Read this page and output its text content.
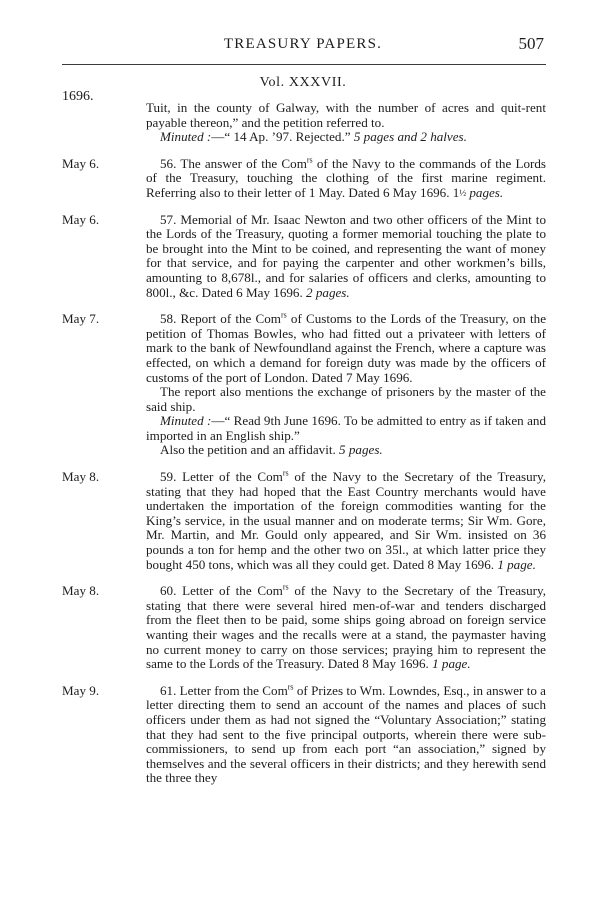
TREASURY PAPERS.	507
Vol. XXXVII.
1696.

Tuit, in the county of Galway, with the number of acres and quit-rent payable thereon,” and the petition referred to.

Minuted :—“ 14 Ap. ’97. Rejected.” 5 pages and 2 halves.

May 6.	56. The answer of the Com$^{rs}$ of the Navy to the commands of the Lords of the Treasury, touching the clothing of the first marine regiment. Referring also to their letter of 1 May. Dated 6 May 1696. 1½ pages.

May 6.	57. Memorial of Mr. Isaac Newton and two other officers of the Mint to the Lords of the Treasury, quoting a former memorial touching the plate to be brought into the Mint to be coined, and representing the want of money for that service, and for paying the carpenter and other workmen’s bills, amounting to 8,678l., and for salaries of officers and clerks, amounting to 800l., &c. Dated 6 May 1696. 2 pages.

May 7.	58. Report of the Com$^{rs}$ of Customs to the Lords of the Treasury, on the petition of Thomas Bowles, who had fitted out a privateer with letters of mark to the bank of Newfoundland against the French, where a capture was effected, on which a demand for foreign duty was made by the officers of customs of the port of London. Dated 7 May 1696.

The report also mentions the exchange of prisoners by the master of the said ship.

Minuted :—“ Read 9th June 1696. To be admitted to entry as if taken and imported in an English ship.”

Also the petition and an affidavit. 5 pages.

May 8.	59. Letter of the Com$^{rs}$ of the Navy to the Secretary of the Treasury, stating that they had hoped that the East Country merchants would have undertaken the importation of the foreign commodities wanting for the King’s service, in the usual manner and on moderate terms; Sir Wm. Gore, Mr. Martin, and Mr. Gould only appeared, and Sir Wm. insisted on 36 pounds a ton for hemp and the other two on 35l., at which latter price they bought 450 tons, which was all they could get. Dated 8 May 1696. 1 page.

May 8.	60. Letter of the Com$^{rs}$ of the Navy to the Secretary of the Treasury, stating that there were several hired men-of-war and tenders discharged from the fleet then to be paid, some ships going abroad on foreign service wanting their wages and the recalls were at a stand, the paymaster having no current money to carry on those services; praying him to represent the same to the Lords of the Treasury. Dated 8 May 1696. 1 page.

May 9.	61. Letter from the Com$^{rs}$ of Prizes to Wm. Lowndes, Esq., in answer to a letter directing them to send an account of the names and places of such officers under them as had not signed the “Voluntary Association;” stating that they had sent to the five principal outports, wherein there were sub-commissioners, to send up from each port “an association,” signed by themselves and the several officers in their districts; and they herewith send the three they
